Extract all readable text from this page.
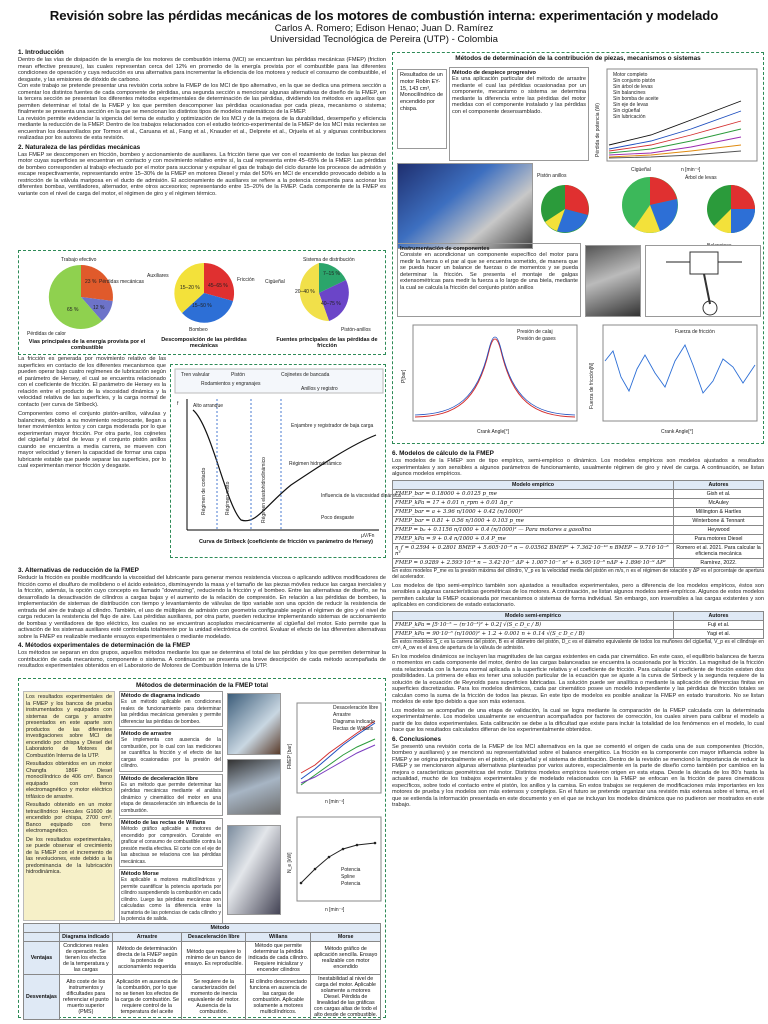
Revisión sobre las pérdidas mecánicas de los motores de combustión interna: experimentación y modelado
Carlos A. Romero; Edison Henao; Juan D. Ramírez
Universidad Tecnológica de Pereira (UTP) - Colombia
1. Introducción
Dentro de las vías de disipación de la energía de los motores de combustión interna (MCI) se encuentran las pérdidas mecánicas (FMEP) (friction mean effective pressure), las cuales representan cerca del 12% en promedio de la energía provista por el combustible para las diferentes condiciones de operación y cuya reducción es una alternativa para incrementar la eficiencia de los motores y reducir el consumo de combustible, el desgaste, y las emisiones de dióxido de carbono.
Con este trabajo se pretende presentar una revisión corta sobre la FMEP de los MCI de tipo alternativo, en la que se dedica una primera sección a comentar los distintos fuentes de cada componente de pérdidas, una segunda sección a mencionar algunas alternativas de diseño de la FMEP, en la tercera sección se presentan los diferentes métodos experimentales de determinación de las pérdidas, dividiendo los métodos en aquellos que permiten determinar el total de la FMEP y los que permiten descomponer las pérdidas ocasionadas por cada pieza, mecanismo o sistema; finalmente se presenta una sección en la que se mencionan los distintos tipos de modelos matemáticos de la FMEP.
La revisión permite evidenciar la vigencia del tema de estudio y optimización de los MCI y de la mejora de la durabilidad, desempeño y eficiencia mediante la reducción de la FMEP. Dentro de los trabajos relacionados con el estudio teórico-experimental de la FMEP de los MCI más recientes se encuentran los desarrollados por Tormos et al., Caruana et al., Fang et al., Knauder et al., Delprete et al., Orjuela et al. y algunas contribuciones realizadas por los autores de esta revisión.
2. Naturaleza de las pérdidas mecánicas
Las FMEP se descomponen en fricción, bombeo y accionamiento de auxiliares. La fricción tiene que ver con el rozamiento de todas las piezas del motor cuyas superficies se encuentran en contacto y con movimiento relativo entre sí, la cual representa entre 45–65% de la FMEP. Las pérdidas de bombeo corresponden al trabajo efectuado por el motor para succionar y expulsar el gas de trabajo del ciclo durante los procesos de admisión y escape respectivamente, representando entre 15–30% de la FMEP en motores Diesel y más del 50% en MCI de encendido provocado debido a la restricción de la válvula mariposa en el ducto de admisión. El accionamiento de auxiliares se refiere a la potencia consumida para accionar los diferentes bombas, ventiladores, alternador, entre otros accesorios; representando entre 15–20% de la FMEP. Cada componente de la FMEP es variante con el nivel de carga del motor, el régimen de giro y el régimen térmico.
23 %
12 %
65 %
Trabajo efectivo
Pérdidas mecánicas
Pérdidas de calor
Vías principales de la energía provista por el combustible
15–20 % 45–65 %
15–50 %
Auxiliares
Fricción
Bombeo
Descomposición de las pérdidas mecánicas
7–15 %
20–40 %
40–75 %
Sistema de distribución
Cigüeñal
Pistón-anillos
Fuentes principales de las pérdidas de fricción
La fricción es generada por movimiento relativo de las superficies en contacto de los diferentes mecanismos que pueden operar bajo cuatro regímenes de lubricación según el parámetro de Hersey, el cual se encuentra relacionado con el coeficiente de fricción. El parámetro de Hersey es la relación entre el producto de la viscosidad dinámica y la velocidad relativa de las superficies, y la carga normal de contacto (ver curva de Stribeck).
Componentes como el conjunto pistón-anillos, válvulas y balancines, debido a su movimiento reciprocante, llegan a tener movimientos lentos y con carga moderada por lo que experimentan mayor fricción. Por otra parte, los cojinetes del cigüeñal y árbol de levas y el conjunto pistón anillos cuando se encuentra a media carrera, se mueven con mayor velocidad y tienen la capacidad de formar una capa lubricante estable que puede separar las superficies, por lo cual experimentan menor fricción y desgaste.
Tren valvular	Pistón	Cojinetes de bancada
Rodamientos y engranajes
Anillos y registro
f
μV/Fn
Alto arranque
Régimen de contacto	Régimen mixto	Régimen elastohidrodinámico	Régimen hidrodinámico
Enjambre y registrador de baja carga
Influencia de la viscosidad dinámica
Poco desgaste
Curva de Stribeck (coeficiente de fricción vs parámetro de Hersey)
3. Alternativas de reducción de la FMEP
Reducir la fricción es posible modificando la viscosidad del lubricante para generar menos resistencia viscosa o aplicando aditivos modificadores de fricción como el disulfuro de molibdeno o el ácido esteárico, disminuyendo la masa y el tamaño de las piezas móviles reduce las cargas inerciales y la fricción, además, la opción cuyo concepto es llamado “downsizing”, reduciendo la fricción y el bombeo. Entre las alternativas de diseño, se ha desarrollado la desactivación de cilindros a cargas bajas y el aumento de la relación de compresión. En relación a las pérdidas de bombeo, la implementación de sistemas de distribución con tiempo y levantamiento de válvulas de tipo variable son una opción de reducir la resistencia de entrada del aire de trabajo al cilindro. También, el uso de múltiples de admisión con geometría configurable según el régimen de giro y el nivel de carga reducen la resistencia del flujo de aire. Las pérdidas auxiliares, por otra parte, pueden reducirse implementando sistemas de accionamiento de bombas y ventiladores de tipo eléctrico, los cuales no se encuentran acoplados mecánicamente al cigüeñal del motor. Esto permite que la activación de los sistemas auxiliares esté controlada totalmente por la unidad electrónica de control. Evaluar el efecto de las diferentes alternativas sobre la FMEP es realizable mediante ensayos experimentales o mediante modelado.
4. Métodos experimentales de determinación de la FMEP
Los métodos se separan en dos grupos, aquellos métodos mediante los que se determina el total de las pérdidas y los que permiten determinar la contribución de cada mecanismo, componente o sistema. A continuación se presenta una breve descripción de cada método acompañada de resultados experimentales obtenidos en el Laboratorio de Motores de Combustión Interna de la UTP.
Métodos de determinación de la FMEP total
Los resultados experimentales de la FMEP y los bancos de prueba instrumentados y equipados con sistemas de carga y arrastre presentados en este aparte son productos de las diferentes investigaciones sobre MCI de encendido por chispa y Diesel del Laboratorio de Motores de Combustión Interna de la UTP.
Resultados obtenidos en un motor Changfa 186F Diesel monocilíndrico de 406 cm³. Banco equipado con freno electromagnético y motor eléctrico trifásico de arrastre.
Resultado obtenido en un motor tetracilíndrico Hercules G1600 de encendido por chispa, 2700 cm³. Banco equipado con freno electromagnético.
De los resultados experimentales, se puede observar el crecimiento de la FMEP con el incremento de las revoluciones, este debido a la predominancia de la lubricación hidrodinámica.
Método de diagrama indicado
Es un método aplicable en condiciones reales de funcionamiento para determinar las pérdidas mecánicas generales y permite diferenciar las pérdidas de bombeo.
Método de arrastre
Se implementa con ausencia de la combustión, por lo cual con las mediciones se cuantifica la fricción y el efecto de las cargas ocasionadas por la presión del cilindro.
Método de deceleración libre
Es un método que permite determinar las pérdidas mecánicas mediante el análisis dinámico y cinemático del motor en una etapa de desaceleración sin influencia de la combustión.
Método de las rectas de Willans
Método gráfico aplicable a motores de encendido por compresión. Consiste en graficar el consumo de combustible contra la presión media efectiva. El corte con el eje de las abscisas se relaciona con las pérdidas mecánicas.
Método Morse
Es aplicable a motores multicilíndricos y permite cuantificar la potencia aportada por cilindro suspendiendo la combustión en cada cilindro. Luego las pérdidas mecánicas son calculadas como la diferencia entre la sumatoria de las potencias de cada cilindro y la potencia de salida.
FMEP [bar]
n [min⁻¹]
Desaceleración libre
Arrastre
Diagrama indicado
Rectas de Willans
N_e [kW]
n [min⁻¹]
Potencia
Spline
Potencia
	Método				
	Diagrama indicado	Arrastre	Desaceleración libre	Willans	Morse
Ventajas	Condiciones reales de operación. Se tienen los efectos de la temperatura y las cargas	Método de determinación directa de la FMEP según la potencia de accionamiento requerida	Método que requiere lo mínimo de un banco de ensayo. Es reproducible.	Método que permite determinar la pérdida indicada de cada cilindro. Requiere inicializar y encender cilindros	Método gráfico de aplicación sencilla. Ensayo realizable con motor encendido
Desventajas	Alto coste de los instrumentos y dificultades para referenciar el punto muerto superior (PMS)	Aplicación en ausencia de la combustión, por lo que no se tienen los efectos de la carga de combustión. Se requiere control de la temperatura del aceite	Se requiere de la caracterización del momento de inercia equivalente del motor. Ausencia de la combustión.	El cilindro desconectado funciona en ausencia de las cargas de combustión. Aplicable solamente a motores multicilíndricos.	Inestabilidad al nivel de carga del motor. Aplicable solamente a motores Diesel. Pérdida de linealidad de las gráficas con cargas altas de todo el alto desde de combustible.
Métodos de determinación de la contribución de piezas, mecanismos o sistemas
Resultados de un motor Robin EY-15, 143 cm³, Monocilíndrico de encendido por chispa.
Método de despiece progresivo
Es una aplicación particular del método de arrastre mediante el cual las pérdidas ocasionadas por un componente, mecanismo o sistema se determina mediante la diferencia entre las pérdidas del motor medidas con el componente instalado y las pérdidas con el componente desensamblado.	Pérdida de potencia (W)
n [min⁻¹]
Motor completo
Sin conjunto pistón
Sin árbol de levas
Sin balancines
Sin bomba de aceite
Sin eje de levas
Sin cigüeñal
Sin lubricación
Cigüeñal
Pistón anillos	Árbol de levas
Instrumentación de componentes
Consiste en acondicionar un componente específico del motor para medir la fuerza o el par al que se encuentra sometido, de manera que se pueda hacer un balance de fuerzas o de momentos y se pueda determinar la fricción. Se presenta el montaje de galgas extensométricas para medir la fuerza a lo largo de una biela, mediante la cual se calcula la fricción del conjunto pistón anillos
P[bar]
Crank Angle[°]
Presión de calaj
Presión de gases
Fuerza de fricción[N]
Crank Angle[°]
Fuerza de fricción
6. Modelos de cálculo de la FMEP
Los modelos de la FMEP son de tipo empírico, semi-empírico o dinámico. Los modelos empíricos son modelos ajustados a resultados experimentales y son sensibles a algunos parámetros de funcionamiento, usualmente régimen de giro y nivel de carga. A continuación, se listan algunos modelos empíricos.
Modelo empírico	Autores
FMEP_bar = 0.18000 + 0.0125 p_me	Gish et al.
FMEP_kPa = 17 + 0.01 n_rpm + 0.01 Δp_r	McAuley
FMEP_bar = a + 3.96 n/1000 + 0.42 (n/1000)²	Millington & Hartles
FMEP_bar = 0.81 + 0.56 n/1000 + 0.103 p_me	Winterbone & Tennant
FMEP = b₀ + 0.1156 n/1000 + 0.4 (n/1000)² — Para motores a gasolina	Heywood
FMEP_kPa = 9 + 0.4 n/1000 + 0.4 P_me	Para motores Diesel
η_f = 0.2594 + 0.2801 BMEP + 5.605·10⁻⁶ n − 0.03562 BMEP² + 7.362·10⁻¹⁰ n BMEP − 9.716·10⁻⁸ n²	Romero et al. 2021. Para calcular la eficiencia mecánica
FMEP = 0.9289 + 2.593·10⁻⁴ n − 3.42·10⁻⁷ ΔP + 1.007·10⁻⁷ n² + 6.305·10⁻⁸ nΔP + 1.896·10⁻⁹ ΔP²	Ramírez, 2022.
En estos modelos P_me es la presión máxima del cilindro, V_p es la velocidad media del pistón en m/s, n es el régimen de rotación y ΔP es el porcentaje de apertura del acelerador.
Los modelos de tipo semi-empírico también son ajustados a resultados experimentales, pero a diferencia de los modelos empíricos, éstos son sensibles a algunas características geométricas de los motores. A continuación, se listan algunos modelos semi-empíricos. Algunos de estos modelos permiten calcular la FMEP ocasionada por mecanismos o sistemas de forma individual. Sin embargo, son insensibles a las cargas existentes y son aplicables en condiciones de estado estacionario.
Modelo semi-empírico	Autores
FMEP_kPa = [5·10⁻⁵ − (n·10⁻³)² + 0.2] √(S_c D_c / B)	Fuji et al.
FMEP_kPa = 90·10⁻⁶ (n/1000)² + 1.2 + 0.001 n + 0.14 √(S_c D_c / B)	Yagi et al.
En estos modelos S_c es la carrera del pistón, B es el diámetro del pistón, D_c es el diámetro equivalente de todos los muñones del cigüeñal, V_p es el cilindraje en cm³, A_ow es el área de apertura de la válvula de admisión.
En los modelos dinámicos se incluyen las magnitudes de las cargas existentes en cada par cinemático. En este caso, el equilibrio balancea de fuerza o momentos en cada componente del motor, dentro de las cargas balanceadas se encuentra la ocasionada por la fricción. La magnitud de la fricción esta relacionada con la fuerza normal aplicada a la superficie relativa y el coeficiente de fricción. Para calcular el coeficiente de fricción existen dos posibilidades. La primera de ellas es tener una solución particular de la ecuación que se ajuste a la curva de Stribeck y la segunda requiere de la solución de la ecuación de Reynolds para superficies lubricadas. La solución puede ser analítica o mediante la aplicación de diferencias finitas en superficies discretizadas. Para los modelos dinámicos, cada par cinemático posee un modelo independiente y las pérdidas de fricción totales se calculan como la suma de la fricción de todos las piezas. En este tipo de modelos es posible analizar la FMEP en estado transitorio. No se listan modelos de este tipo debido a que son más extensos.
Los modelos se acompañan de una etapa de validación, la cual se logra mediante la comparación de la FMEP calculada con la determinada experimentalmente. Los modelos usualmente se encuentran acompañados por factores de corrección, los cuales sirven para calibrar el modelo a partir de los datos experimentales. Esta calibración se debe a la dificultad que existe para incluir la totalidad de los fenómenos en el modelo, lo cual hace que los resultados calculados difieran de los experimentalmente obtenidos.
6. Conclusiones
Se presentó una revisión corta de la FMEP de los MCI alternativos en la que se comentó el origen de cada una de sus componentes (fricción, bombeo y auxiliares) y se mencionó su representatividad sobre el balance energético. La fricción es la componente con mayor influencia sobre la FMEP y se origina principalmente en el pistón, el cigüeñal y el sistema de distribución. Dentro de la revisión se mencionó la importancia de reducir la FMEP y se mencionaron algunas alternativas planteadas por varios autores, especialmente en la parte de diseño como también por cambios en la mejora o características geométricas del motor. Distintos modelos empíricos tuvieron origen en esta etapa. Desde la década de los 80’s hasta la actualidad, mucho de los trabajos experimentales y de modelado relacionados con la FMEP se enfocan en la fricción de pares cinemáticos específicos, sobre todo el contacto entre el pistón, los anillos y la camisa. En estos trabajos se requieren de modificaciones más importantes en los motores de prueba y los modelos son más extensos y complejos. En el futuro se pretende organizar una revisión más extensa sobre el tema, en el que se extienda la información presentada en este documento y en el que se incluyan los modelos dinámicos que no pudieron ser mostrados en este trabajo.
